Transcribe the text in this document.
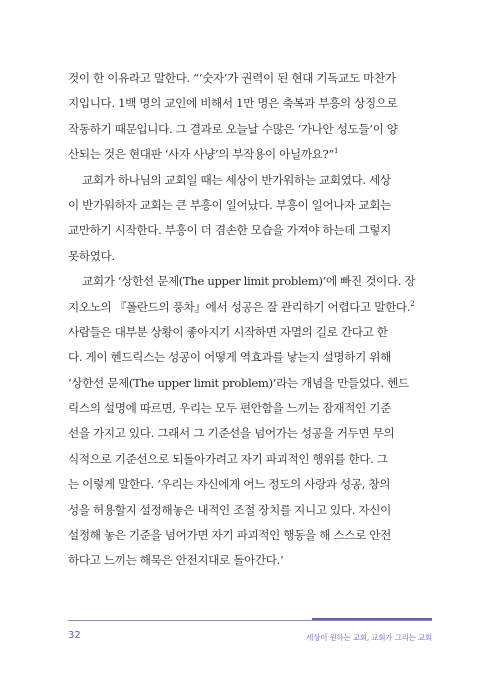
것이 한 이유라고 말한다. “‘숫자’가 권력이 된 현대 기독교도 마찬가
지입니다. 1백 명의 교인에 비해서 1만 명은 축복과 부흥의 상징으로
작동하기 때문입니다. 그 결과로 오늘날 수많은 ‘가나안 성도들’이 양
산되는 것은 현대판 ‘사자 사냥’의 부작용이 아닐까요?”$^1$
교회가 하나님의 교회일 때는 세상이 반가워하는 교회였다. 세상
이 반가워하자 교회는 큰 부흥이 일어났다. 부흥이 일어나자 교회는
교만하기 시작한다. 부흥이 더 겸손한 모습을 가져야 하는데 그렇지
못하였다.
교회가 ‘상한선 문제(The upper limit problem)’에 빠진 것이다. 장
지오노의 『폴란드의 풍차』에서 성공은 잘 관리하기 어렵다고 말한다.$^2$
사람들은 대부분 상황이 좋아지기 시작하면 자멸의 길로 간다고 한
다. 게이 헨드릭스는 성공이 어떻게 역효과를 낳는지 설명하기 위해
‘상한선 문제(The upper limit problem)’라는 개념을 만들었다. 헨드
릭스의 설명에 따르면, 우리는 모두 편안함을 느끼는 잠재적인 기준
선을 가지고 있다. 그래서 그 기준선을 넘어가는 성공을 거두면 무의
식적으로 기준선으로 되돌아가려고 자기 파괴적인 행위를 한다. 그
는 이렇게 말한다. ‘우리는 자신에게 어느 정도의 사랑과 성공, 창의
성을 허용할지 설정해놓은 내적인 조절 장치를 지니고 있다. 자신이
설정해 놓은 기준을 넘어가면 자기 파괴적인 행동을 해 스스로 안전
하다고 느끼는 해묵은 안전지대로 돌아간다.’
32	세상이 원하는 교회, 교회가 그리는 교회
